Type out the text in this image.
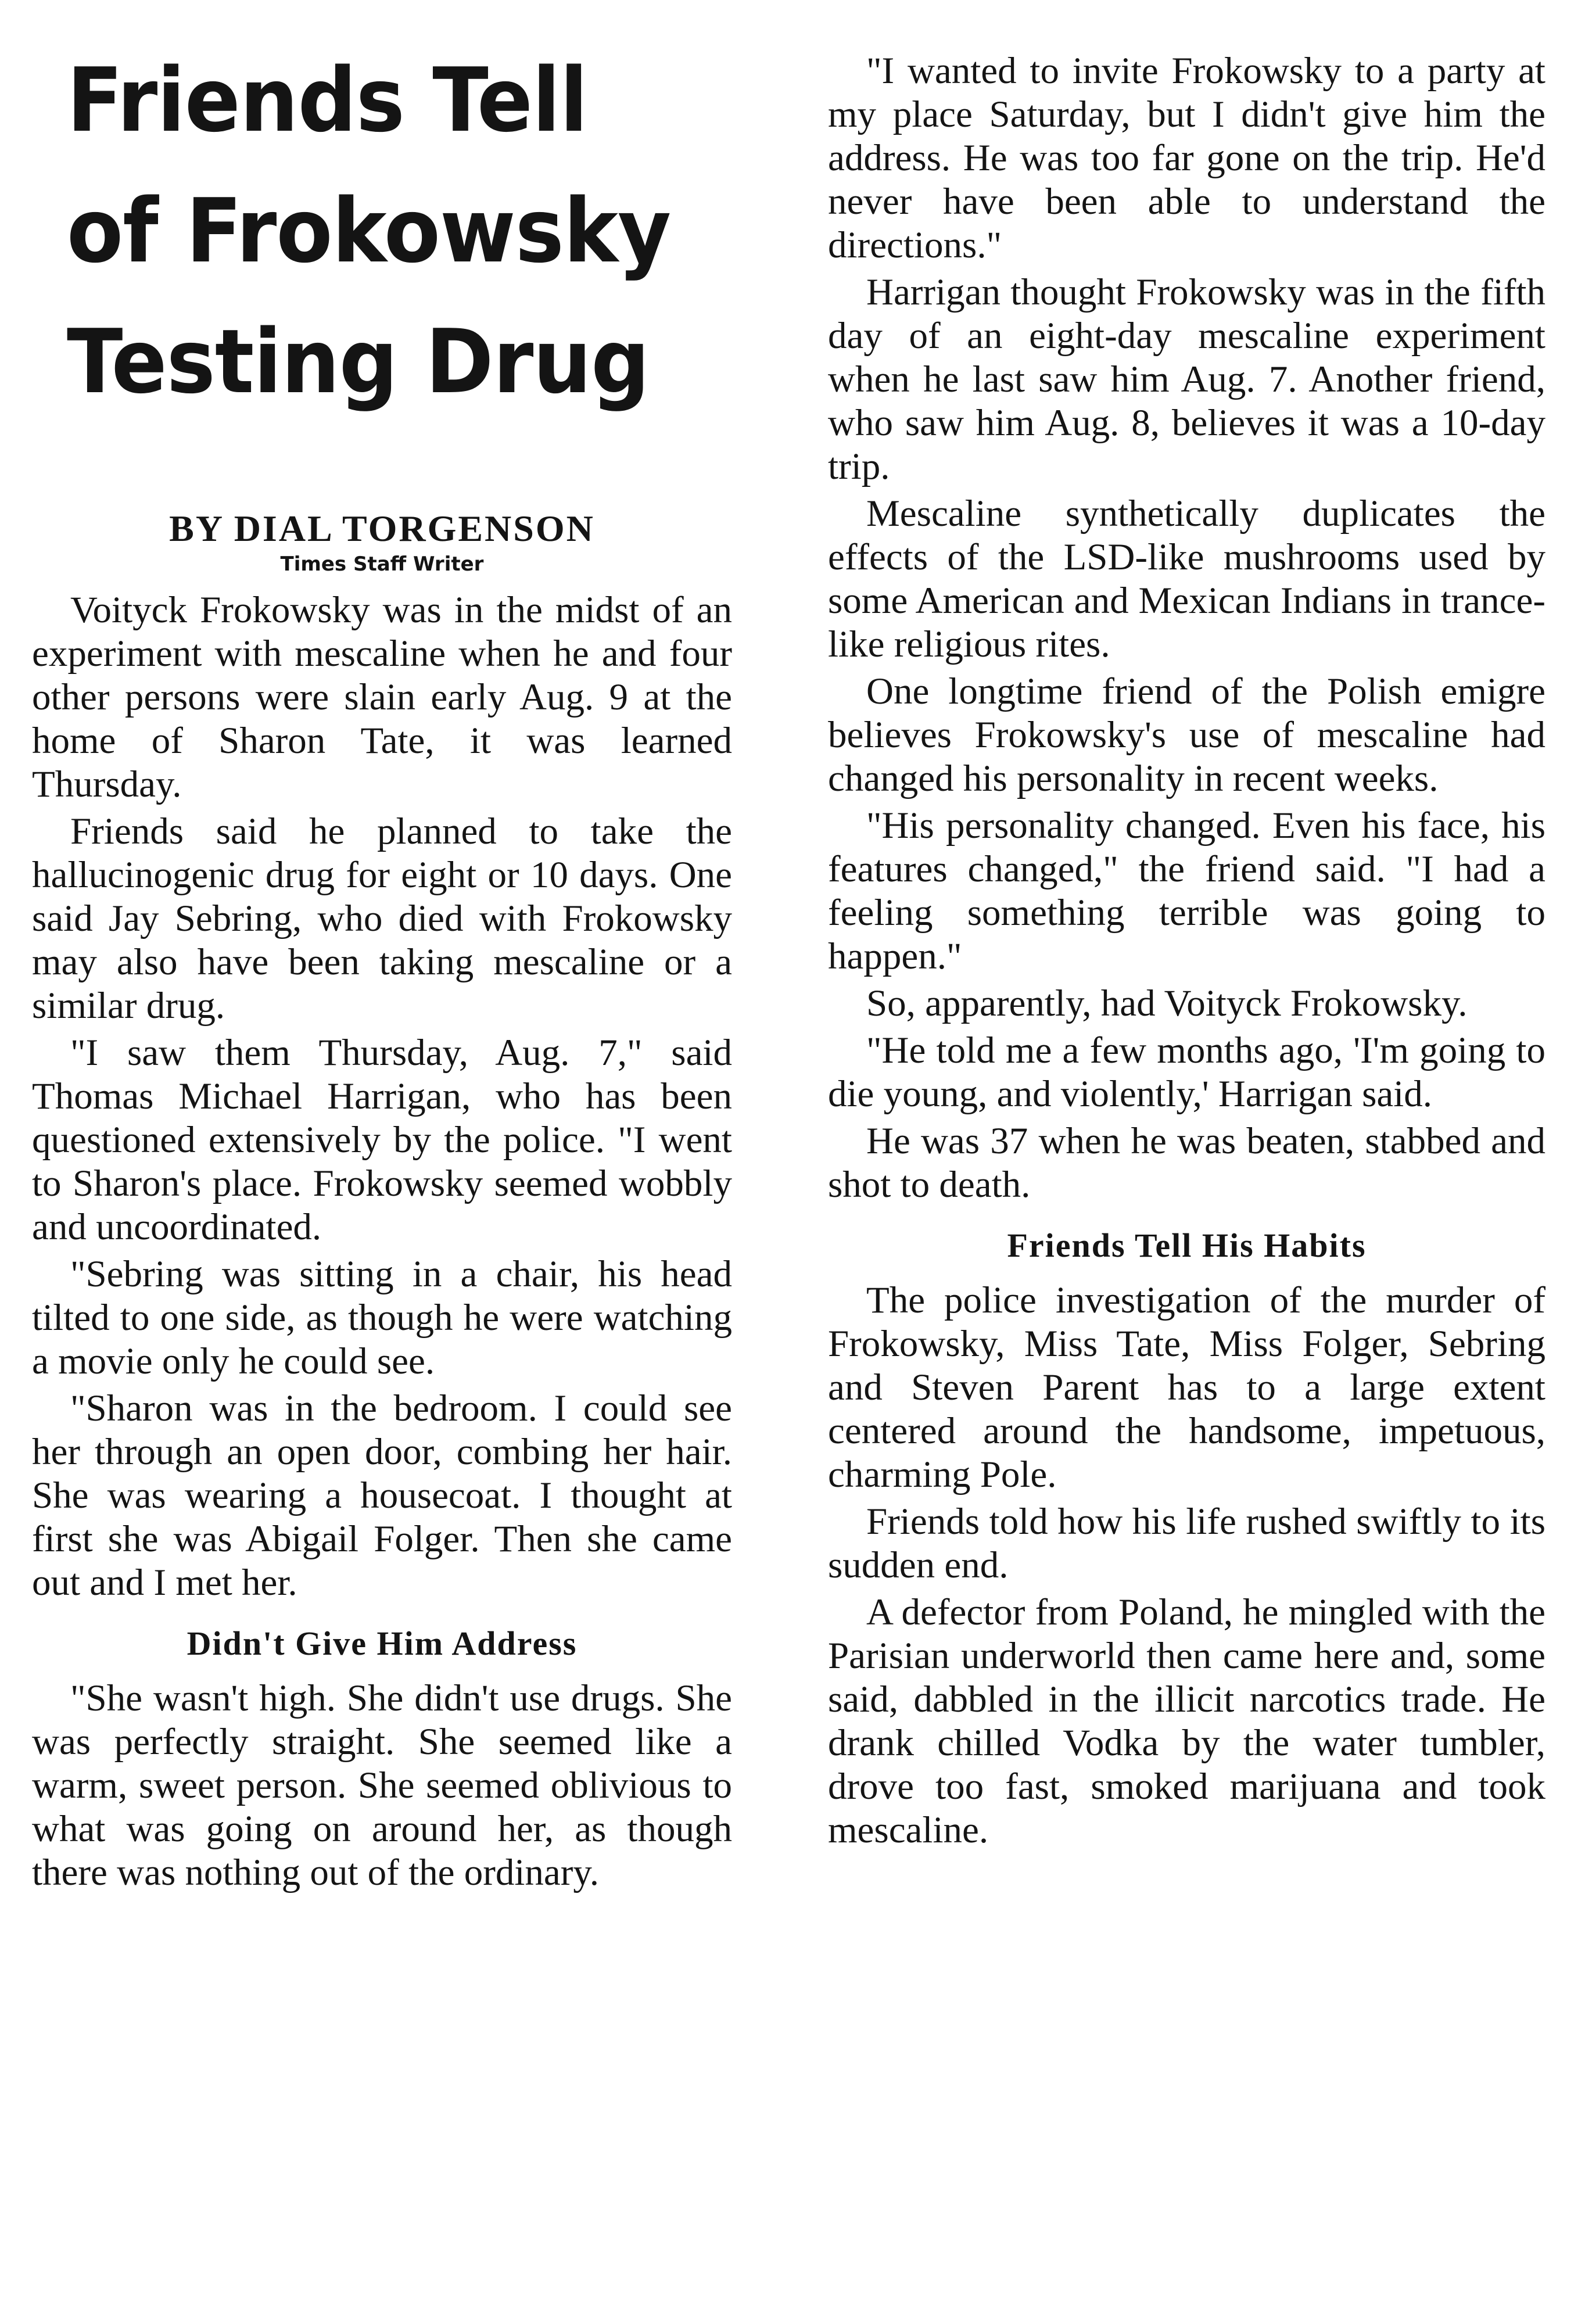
Friends Tell
of Frokowsky
Testing Drug
BY DIAL TORGENSON
Times Staff Writer

Voityck Frokowsky was in the midst of an experiment with mescaline when he and four other persons were slain early Aug. 9 at the home of Sharon Tate, it was learned Thursday.

Friends said he planned to take the hallucinogenic drug for eight or 10 days. One said Jay Sebring, who died with Frokowsky may also have been taking mescaline or a similar drug.

"I saw them Thursday, Aug. 7," said Thomas Michael Harrigan, who has been questioned extensively by the police. "I went to Sharon's place. Frokowsky seemed wobbly and uncoordinated.

"Sebring was sitting in a chair, his head tilted to one side, as though he were watching a movie only he could see.

"Sharon was in the bedroom. I could see her through an open door, combing her hair. She was wearing a housecoat. I thought at first she was Abigail Folger. Then she came out and I met her.

Didn't Give Him Address

"She wasn't high. She didn't use drugs. She was perfectly straight. She seemed like a warm, sweet person. She seemed oblivious to what was going on around her, as though there was nothing out of the ordinary.

"I wanted to invite Frokowsky to a party at my place Saturday, but I didn't give him the address. He was too far gone on the trip. He'd never have been able to understand the directions."

Harrigan thought Frokowsky was in the fifth day of an eight-day mescaline experiment when he last saw him Aug. 7. Another friend, who saw him Aug. 8, believes it was a 10-day trip.

Mescaline synthetically duplicates the effects of the LSD-like mushrooms used by some American and Mexican Indians in trance-like religious rites.

One longtime friend of the Polish emigre believes Frokowsky's use of mescaline had changed his personality in recent weeks.

"His personality changed. Even his face, his features changed," the friend said. "I had a feeling something terrible was going to happen."

So, apparently, had Voityck Frokowsky.

"He told me a few months ago, 'I'm going to die young, and violently,' Harrigan said.

He was 37 when he was beaten, stabbed and shot to death.

Friends Tell His Habits

The police investigation of the murder of Frokowsky, Miss Tate, Miss Folger, Sebring and Steven Parent has to a large extent centered around the handsome, impetuous, charming Pole.

Friends told how his life rushed swiftly to its sudden end.

A defector from Poland, he mingled with the Parisian underworld then came here and, some said, dabbled in the illicit narcotics trade. He drank chilled Vodka by the water tumbler, drove too fast, smoked marijuana and took mescaline.
